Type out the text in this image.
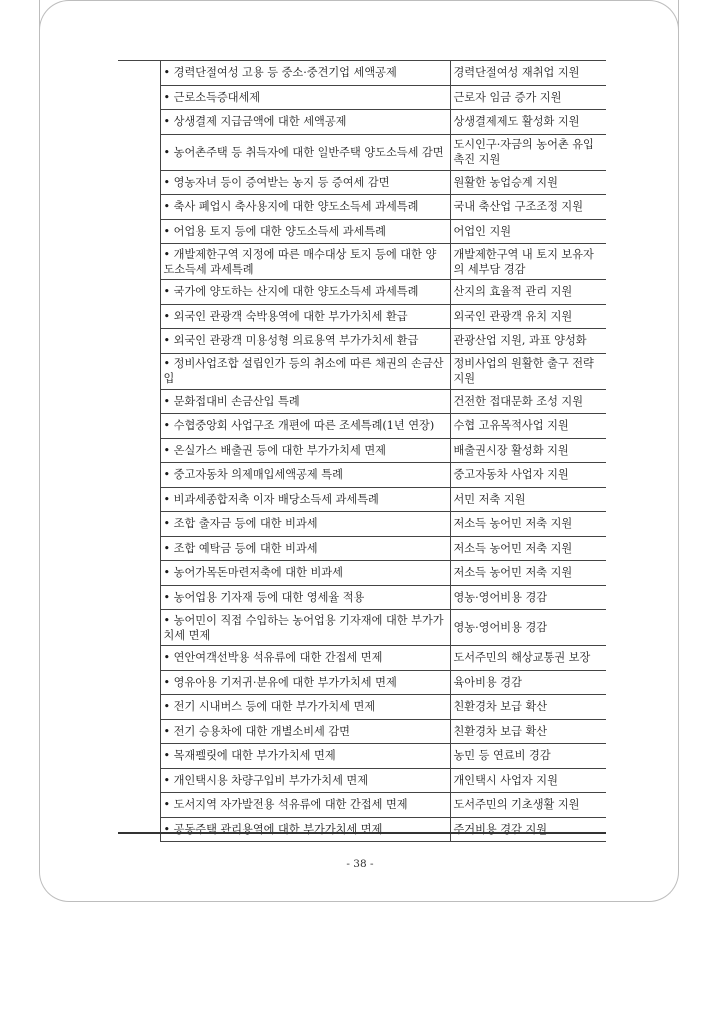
	• 경력단절여성 고용 등 중소·중견기업 세액공제	경력단절여성 재취업 지원
	• 근로소득증대세제	근로자 임금 증가 지원
	• 상생결제 지급금액에 대한 세액공제	상생결제제도 활성화 지원
	• 농어촌주택 등 취득자에 대한 일반주택 양도소득세 감면	도시인구·자금의 농어촌 유입 촉진 지원
	• 영농자녀 등이 증여받는 농지 등 증여세 감면	원활한 농업승계 지원
	• 축사 폐업시 축사용지에 대한 양도소득세 과세특례	국내 축산업 구조조정 지원
	• 어업용 토지 등에 대한 양도소득세 과세특례	어업인 지원
	• 개발제한구역 지정에 따른 매수대상 토지 등에 대한 양도소득세 과세특례	개발제한구역 내 토지 보유자의 세부담 경감
	• 국가에 양도하는 산지에 대한 양도소득세 과세특례	산지의 효율적 관리 지원
	• 외국인 관광객 숙박용역에 대한 부가가치세 환급	외국인 관광객 유치 지원
	• 외국인 관광객 미용성형 의료용역 부가가치세 환급	관광산업 지원, 과표 양성화
	• 정비사업조합 설립인가 등의 취소에 따른 채권의 손금산입	정비사업의 원활한 출구 전략 지원
	• 문화접대비 손금산입 특례	건전한 접대문화 조성 지원
	• 수협중앙회 사업구조 개편에 따른 조세특례(1년 연장)	수협 고유목적사업 지원
	• 온실가스 배출권 등에 대한 부가가치세 면제	배출권시장 활성화 지원
	• 중고자동차 의제매입세액공제 특례	중고자동차 사업자 지원
	• 비과세종합저축 이자 배당소득세 과세특례	서민 저축 지원
	• 조합 출자금 등에 대한 비과세	저소득 농어민 저축 지원
	• 조합 예탁금 등에 대한 비과세	저소득 농어민 저축 지원
	• 농어가목돈마련저축에 대한 비과세	저소득 농어민 저축 지원
	• 농어업용 기자재 등에 대한 영세율 적용	영농·영어비용 경감
	• 농어민이 직접 수입하는 농어업용 기자재에 대한 부가가치세 면제	영농·영어비용 경감
	• 연안여객선박용 석유류에 대한 간접세 면제	도서주민의 해상교통권 보장
	• 영유아용 기저귀·분유에 대한 부가가치세 면제	육아비용 경감
	• 전기 시내버스 등에 대한 부가가치세 면제	친환경차 보급 확산
	• 전기 승용차에 대한 개별소비세 감면	친환경차 보급 확산
	• 목재펠릿에 대한 부가가치세 면제	농민 등 연료비 경감
	• 개인택시용 차량구입비 부가가치세 면제	개인택시 사업자 지원
	• 도서지역 자가발전용 석유류에 대한 간접세 면제	도서주민의 기초생활 지원
	• 공동주택 관리용역에 대한 부가가치세 면제	주거비용 경감 지원
- 38 -
